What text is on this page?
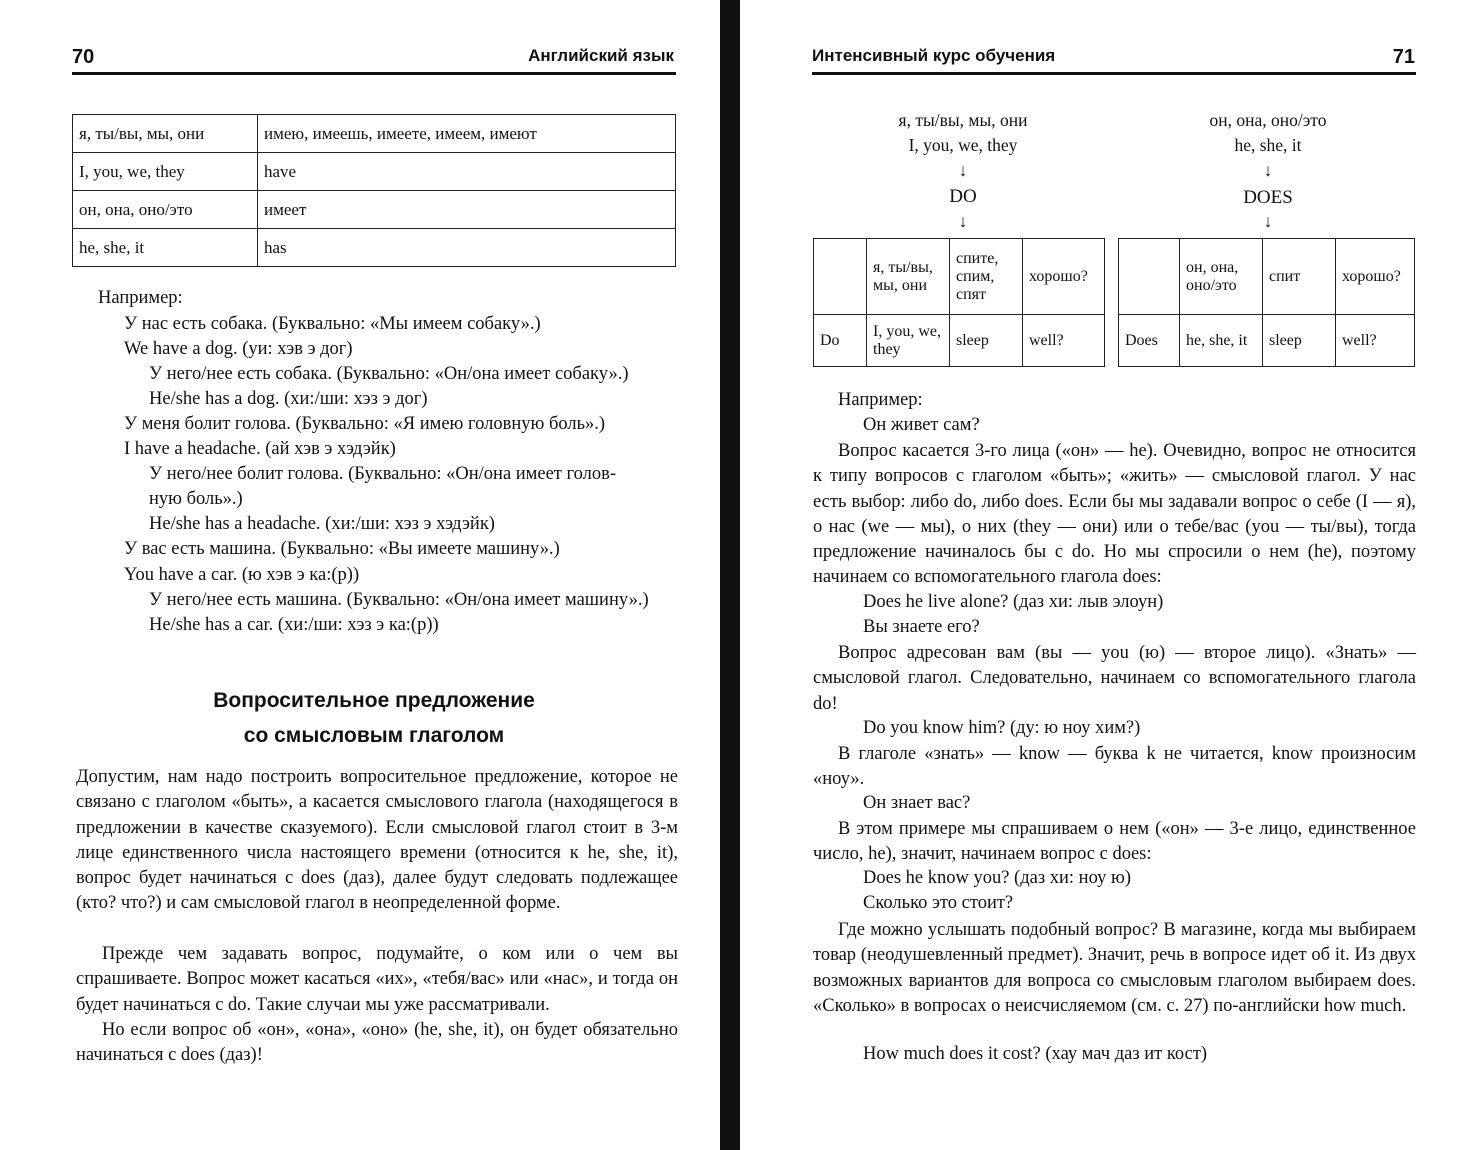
70	Английский язык
я, ты/вы, мы, они	имею, имеешь, имеете, имеем, имеют
I, you, we, they	have
он, она, оно/это	имеет
he, she, it	has
Например:
У нас есть собака. (Буквально: «Мы имеем собаку».)
We have a dog. (уи: хэв э дог)
У него/нее есть собака. (Буквально: «Он/она имеет собаку».)
He/she has a dog. (хи:/ши: хэз э дог)
У меня болит голова. (Буквально: «Я имею головную боль».)
I have a headache. (ай хэв э хэдэйк)
У него/нее болит голова. (Буквально: «Он/она имеет голов-
ную боль».)
He/she has a headache. (хи:/ши: хэз э хэдэйк)
У вас есть машина. (Буквально: «Вы имеете машину».)
You have a car. (ю хэв э ка:(р))
У него/нее есть машина. (Буквально: «Он/она имеет машину».)
He/she has a car. (хи:/ши: хэз э ка:(р))
Вопросительное предложение
со смысловым глаголом
Допустим, нам надо построить вопросительное предложение, которое не связано с глаголом «быть», а касается смыслового глагола (находящегося в предложении в качестве сказуемого). Если смысловой глагол стоит в 3-м лице единственного числа настоящего времени (относится к he, she, it), вопрос будет начинаться с does (даз), далее будут следовать подлежащее (кто? что?) и сам смысловой глагол в неопределенной форме.
Прежде чем задавать вопрос, подумайте, о ком или о чем вы спрашиваете. Вопрос может касаться «их», «тебя/вас» или «нас», и тогда он будет начинаться с do. Такие случаи мы уже рассматривали.
Но если вопрос об «он», «она», «оно» (he, she, it), он будет обязательно начинаться с does (даз)!
Интенсивный курс обучения	71
я, ты/вы, мы, они
I, you, we, they
↓
DO
↓
он, она, оно/это
he, she, it
↓
DOES
↓
	я, ты/вы, мы, они	спите, спим, спят	хорошо?
Do	I, you, we, they	sleep	well?
	он, она, оно/это	спит	хорошо?
Does	he, she, it	sleep	well?
Например:
Он живет сам?
Вопрос касается 3-го лица («он» — he). Очевидно, вопрос не относится к типу вопросов с глаголом «быть»; «жить» — смысловой глагол. У нас есть выбор: либо do, либо does. Если бы мы задавали вопрос о себе (I — я), о нас (we — мы), о них (they — они) или о тебе/вас (you — ты/вы), тогда предложение начиналось бы с do. Но мы спросили о нем (he), поэтому начинаем со вспомогательного глагола does:
Does he live alone? (даз хи: лыв элоун)
Вы знаете его?
Вопрос адресован вам (вы — you (ю) — второе лицо). «Знать» — смысловой глагол. Следовательно, начинаем со вспомогательного глагола do!
Do you know him? (ду: ю ноу хим?)
В глаголе «знать» — know — буква k не читается, know произносим «ноу».
Он знает вас?
В этом примере мы спрашиваем о нем («он» — 3-е лицо, единственное число, he), значит, начинаем вопрос с does:
Does he know you? (даз хи: ноу ю)
Сколько это стоит?
Где можно услышать подобный вопрос? В магазине, когда мы выбираем товар (неодушевленный предмет). Значит, речь в вопросе идет об it. Из двух возможных вариантов для вопроса со смысловым глаголом выбираем does. «Сколько» в вопросах о неисчисляемом (см. с. 27) по-английски how much.
How much does it cost? (хау мач даз ит кост)
